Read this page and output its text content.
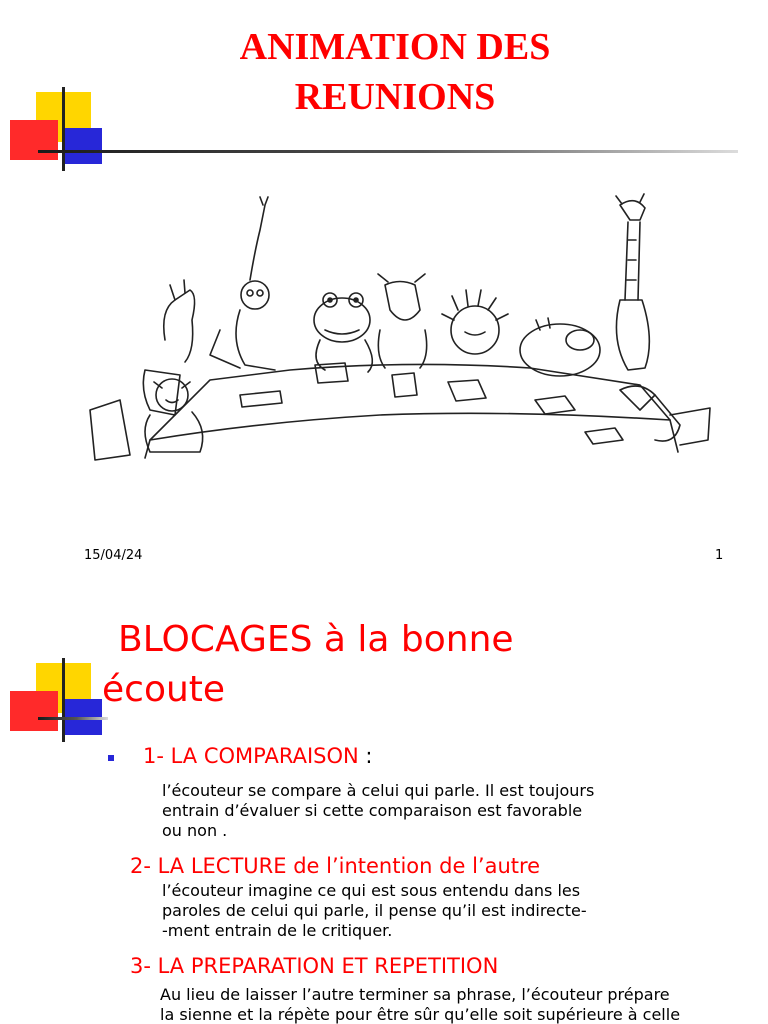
ANIMATION DES
REUNIONS
15/04/24	1
BLOCAGES à la bonne
écoute
1- LA COMPARAISON :
l’écouteur se compare à celui qui parle. Il est toujours
entrain d’évaluer si cette comparaison est favorable
ou non .
2- LA LECTURE de l’intention de l’autre
l’écouteur imagine ce qui est sous entendu dans les
paroles de celui qui parle, il pense qu’il est indirecte-
-ment entrain de le critiquer.
3- LA PREPARATION ET REPETITION
Au lieu de laisser l’autre terminer sa phrase, l’écouteur prépare
la sienne et la répète pour être sûr qu’elle soit supérieure à celle
